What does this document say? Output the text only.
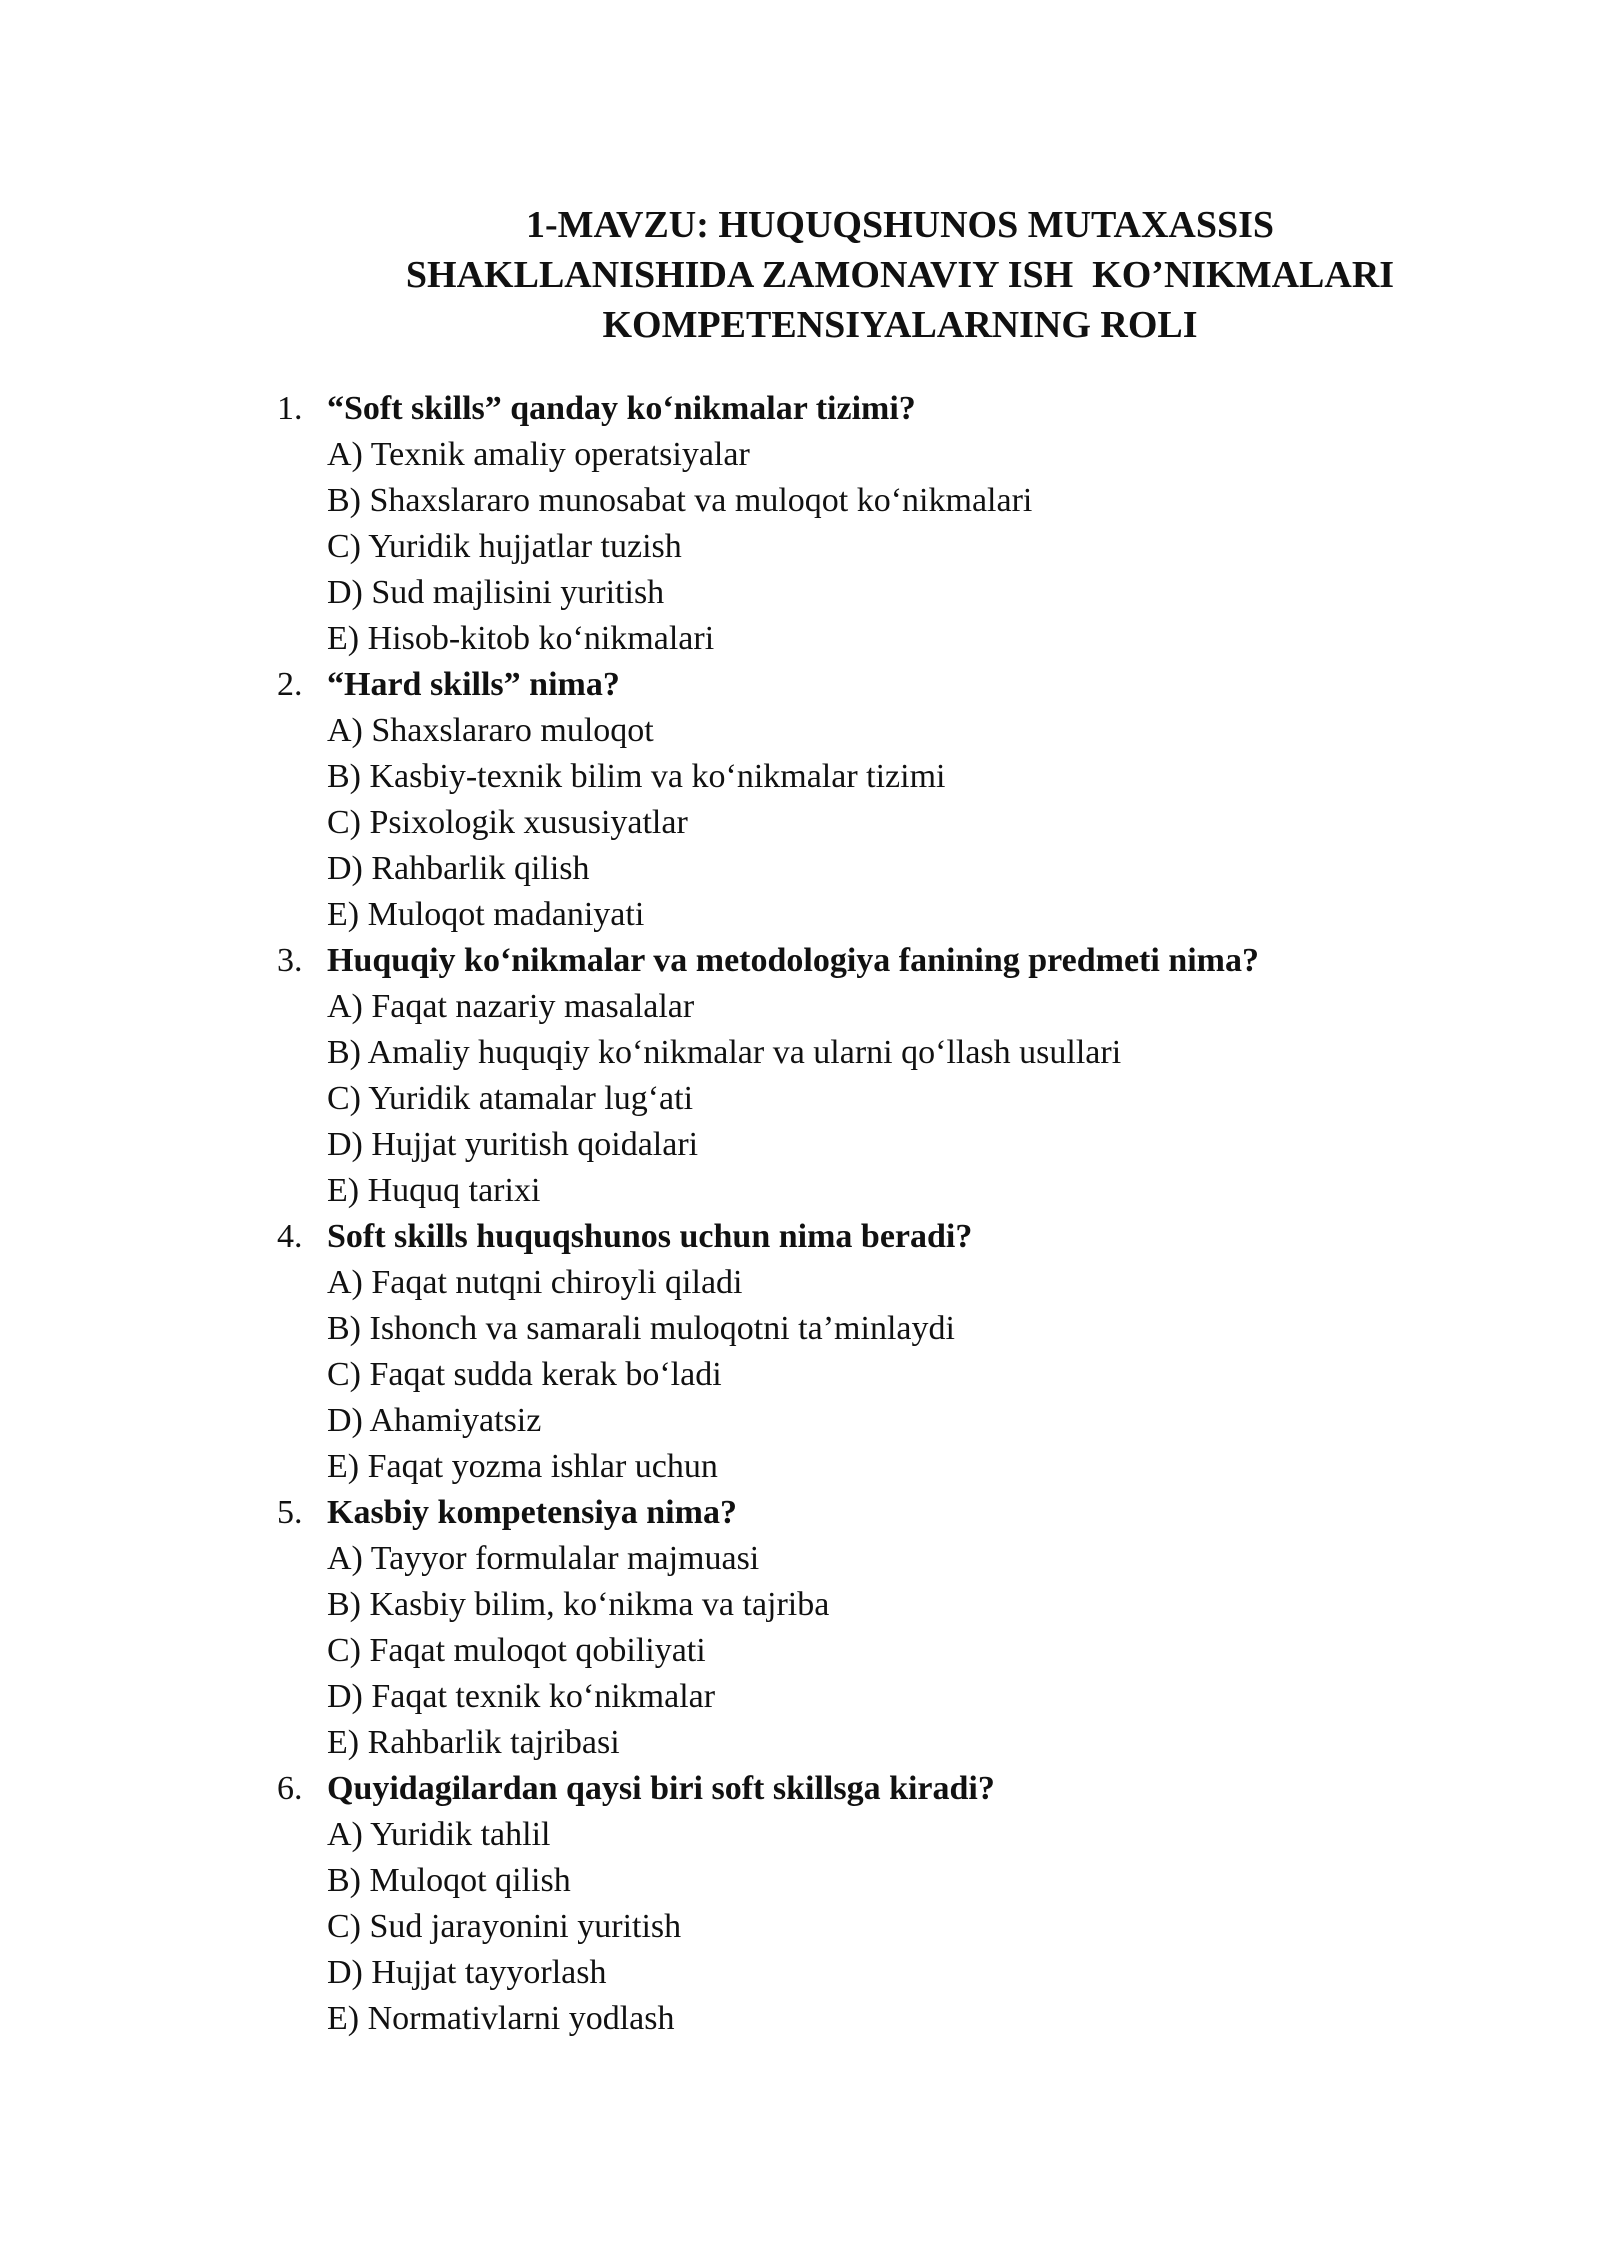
1-MAVZU: HUQUQSHUNOS MUTAXASSIS
SHAKLLANISHIDA ZAMONAVIY ISH  KO’NIKMALARI
KOMPETENSIYALARNING ROLI
1. “Soft skills” qanday ko‘nikmalar tizimi?
A) Texnik amaliy operatsiyalar
B) Shaxslararo munosabat va muloqot ko‘nikmalari
C) Yuridik hujjatlar tuzish
D) Sud majlisini yuritish
E) Hisob-kitob ko‘nikmalari
2. “Hard skills” nima?
A) Shaxslararo muloqot
B) Kasbiy-texnik bilim va ko‘nikmalar tizimi
C) Psixologik xususiyatlar
D) Rahbarlik qilish
E) Muloqot madaniyati
3. Huquqiy ko‘nikmalar va metodologiya fanining predmeti nima?
A) Faqat nazariy masalalar
B) Amaliy huquqiy ko‘nikmalar va ularni qo‘llash usullari
C) Yuridik atamalar lug‘ati
D) Hujjat yuritish qoidalari
E) Huquq tarixi
4. Soft skills huquqshunos uchun nima beradi?
A) Faqat nutqni chiroyli qiladi
B) Ishonch va samarali muloqotni ta’minlaydi
C) Faqat sudda kerak bo‘ladi
D) Ahamiyatsiz
E) Faqat yozma ishlar uchun
5. Kasbiy kompetensiya nima?
A) Tayyor formulalar majmuasi
B) Kasbiy bilim, ko‘nikma va tajriba
C) Faqat muloqot qobiliyati
D) Faqat texnik ko‘nikmalar
E) Rahbarlik tajribasi
6. Quyidagilardan qaysi biri soft skillsga kiradi?
A) Yuridik tahlil
B) Muloqot qilish
C) Sud jarayonini yuritish
D) Hujjat tayyorlash
E) Normativlarni yodlash
